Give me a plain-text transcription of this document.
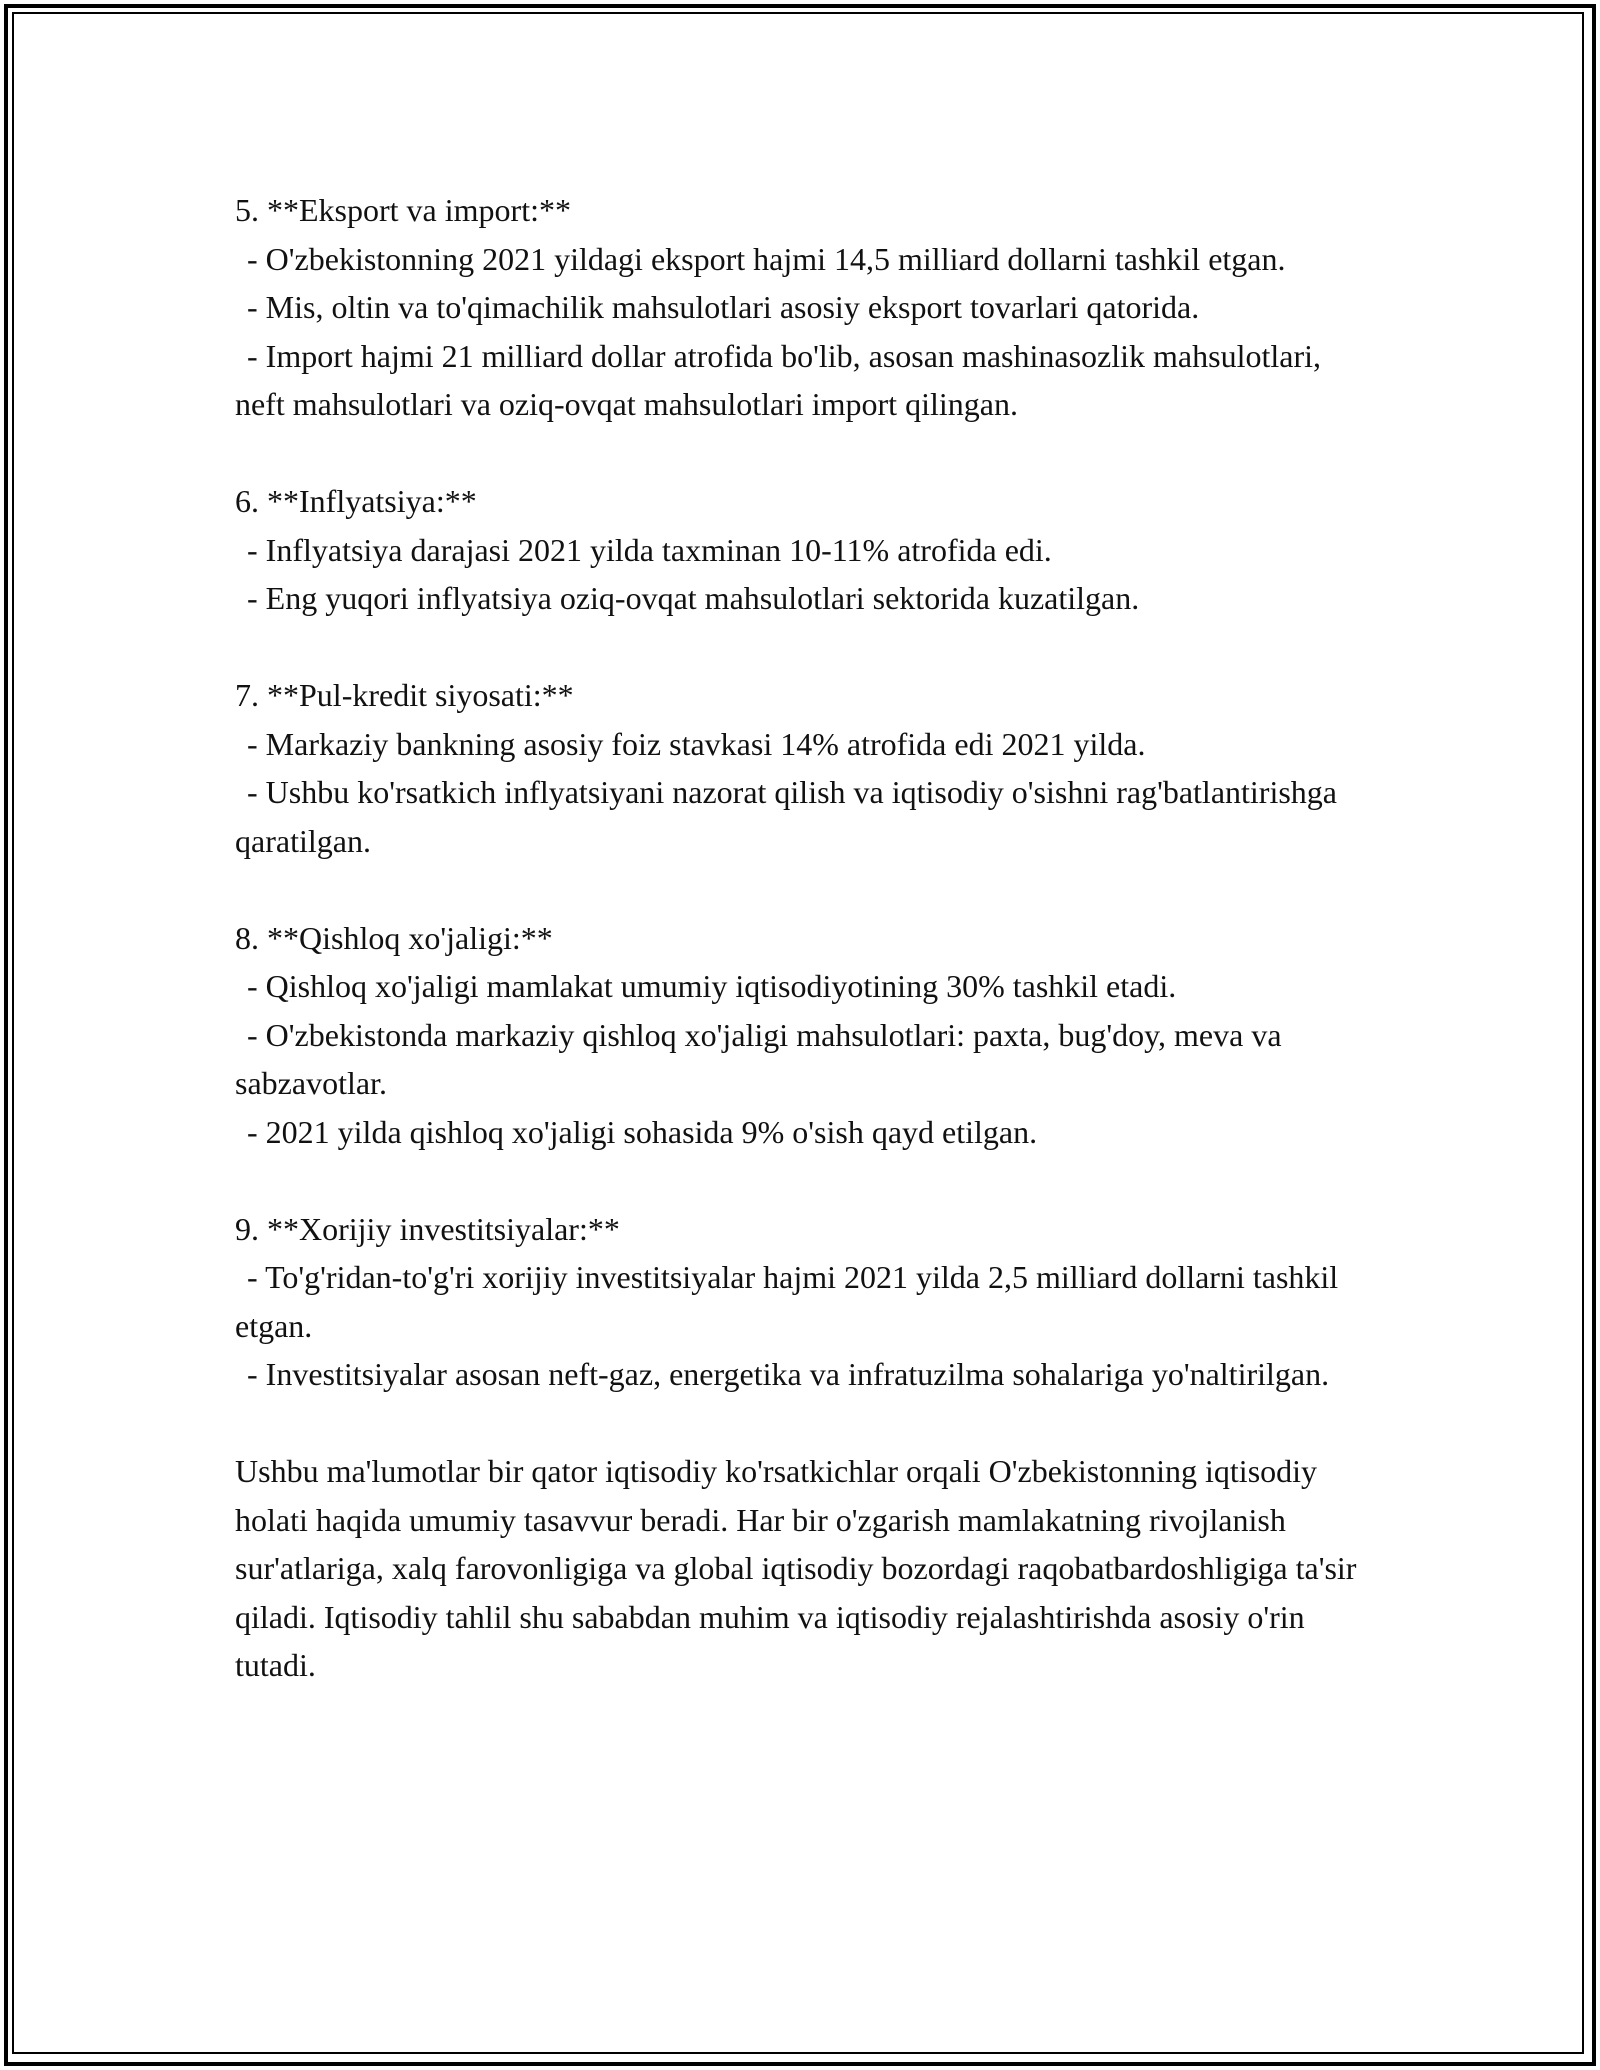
5. **Eksport va import:**

- O'zbekistonning 2021 yildagi eksport hajmi 14,5 milliard dollarni tashkil etgan.

- Mis, oltin va to'qimachilik mahsulotlari asosiy eksport tovarlari qatorida.

- Import hajmi 21 milliard dollar atrofida bo'lib, asosan mashinasozlik mahsulotlari, neft mahsulotlari va oziq-ovqat mahsulotlari import qilingan.

6. **Inflyatsiya:**

- Inflyatsiya darajasi 2021 yilda taxminan 10-11% atrofida edi.

- Eng yuqori inflyatsiya oziq-ovqat mahsulotlari sektorida kuzatilgan.

7. **Pul-kredit siyosati:**

- Markaziy bankning asosiy foiz stavkasi 14% atrofida edi 2021 yilda.

- Ushbu ko'rsatkich inflyatsiyani nazorat qilish va iqtisodiy o'sishni rag'batlantirishga qaratilgan.

8. **Qishloq xo'jaligi:**

- Qishloq xo'jaligi mamlakat umumiy iqtisodiyotining 30% tashkil etadi.

- O'zbekistonda markaziy qishloq xo'jaligi mahsulotlari: paxta, bug'doy, meva va sabzavotlar.

- 2021 yilda qishloq xo'jaligi sohasida 9% o'sish qayd etilgan.

9. **Xorijiy investitsiyalar:**

- To'g'ridan-to'g'ri xorijiy investitsiyalar hajmi 2021 yilda 2,5 milliard dollarni tashkil etgan.

- Investitsiyalar asosan neft-gaz, energetika va infratuzilma sohalariga yo'naltirilgan.

Ushbu ma'lumotlar bir qator iqtisodiy ko'rsatkichlar orqali O'zbekistonning iqtisodiy holati haqida umumiy tasavvur beradi. Har bir o'zgarish mamlakatning rivojlanish sur'atlariga, xalq farovonligiga va global iqtisodiy bozordagi raqobatbardoshligiga ta'sir qiladi. Iqtisodiy tahlil shu sababdan muhim va iqtisodiy rejalashtirishda asosiy o'rin tutadi.
